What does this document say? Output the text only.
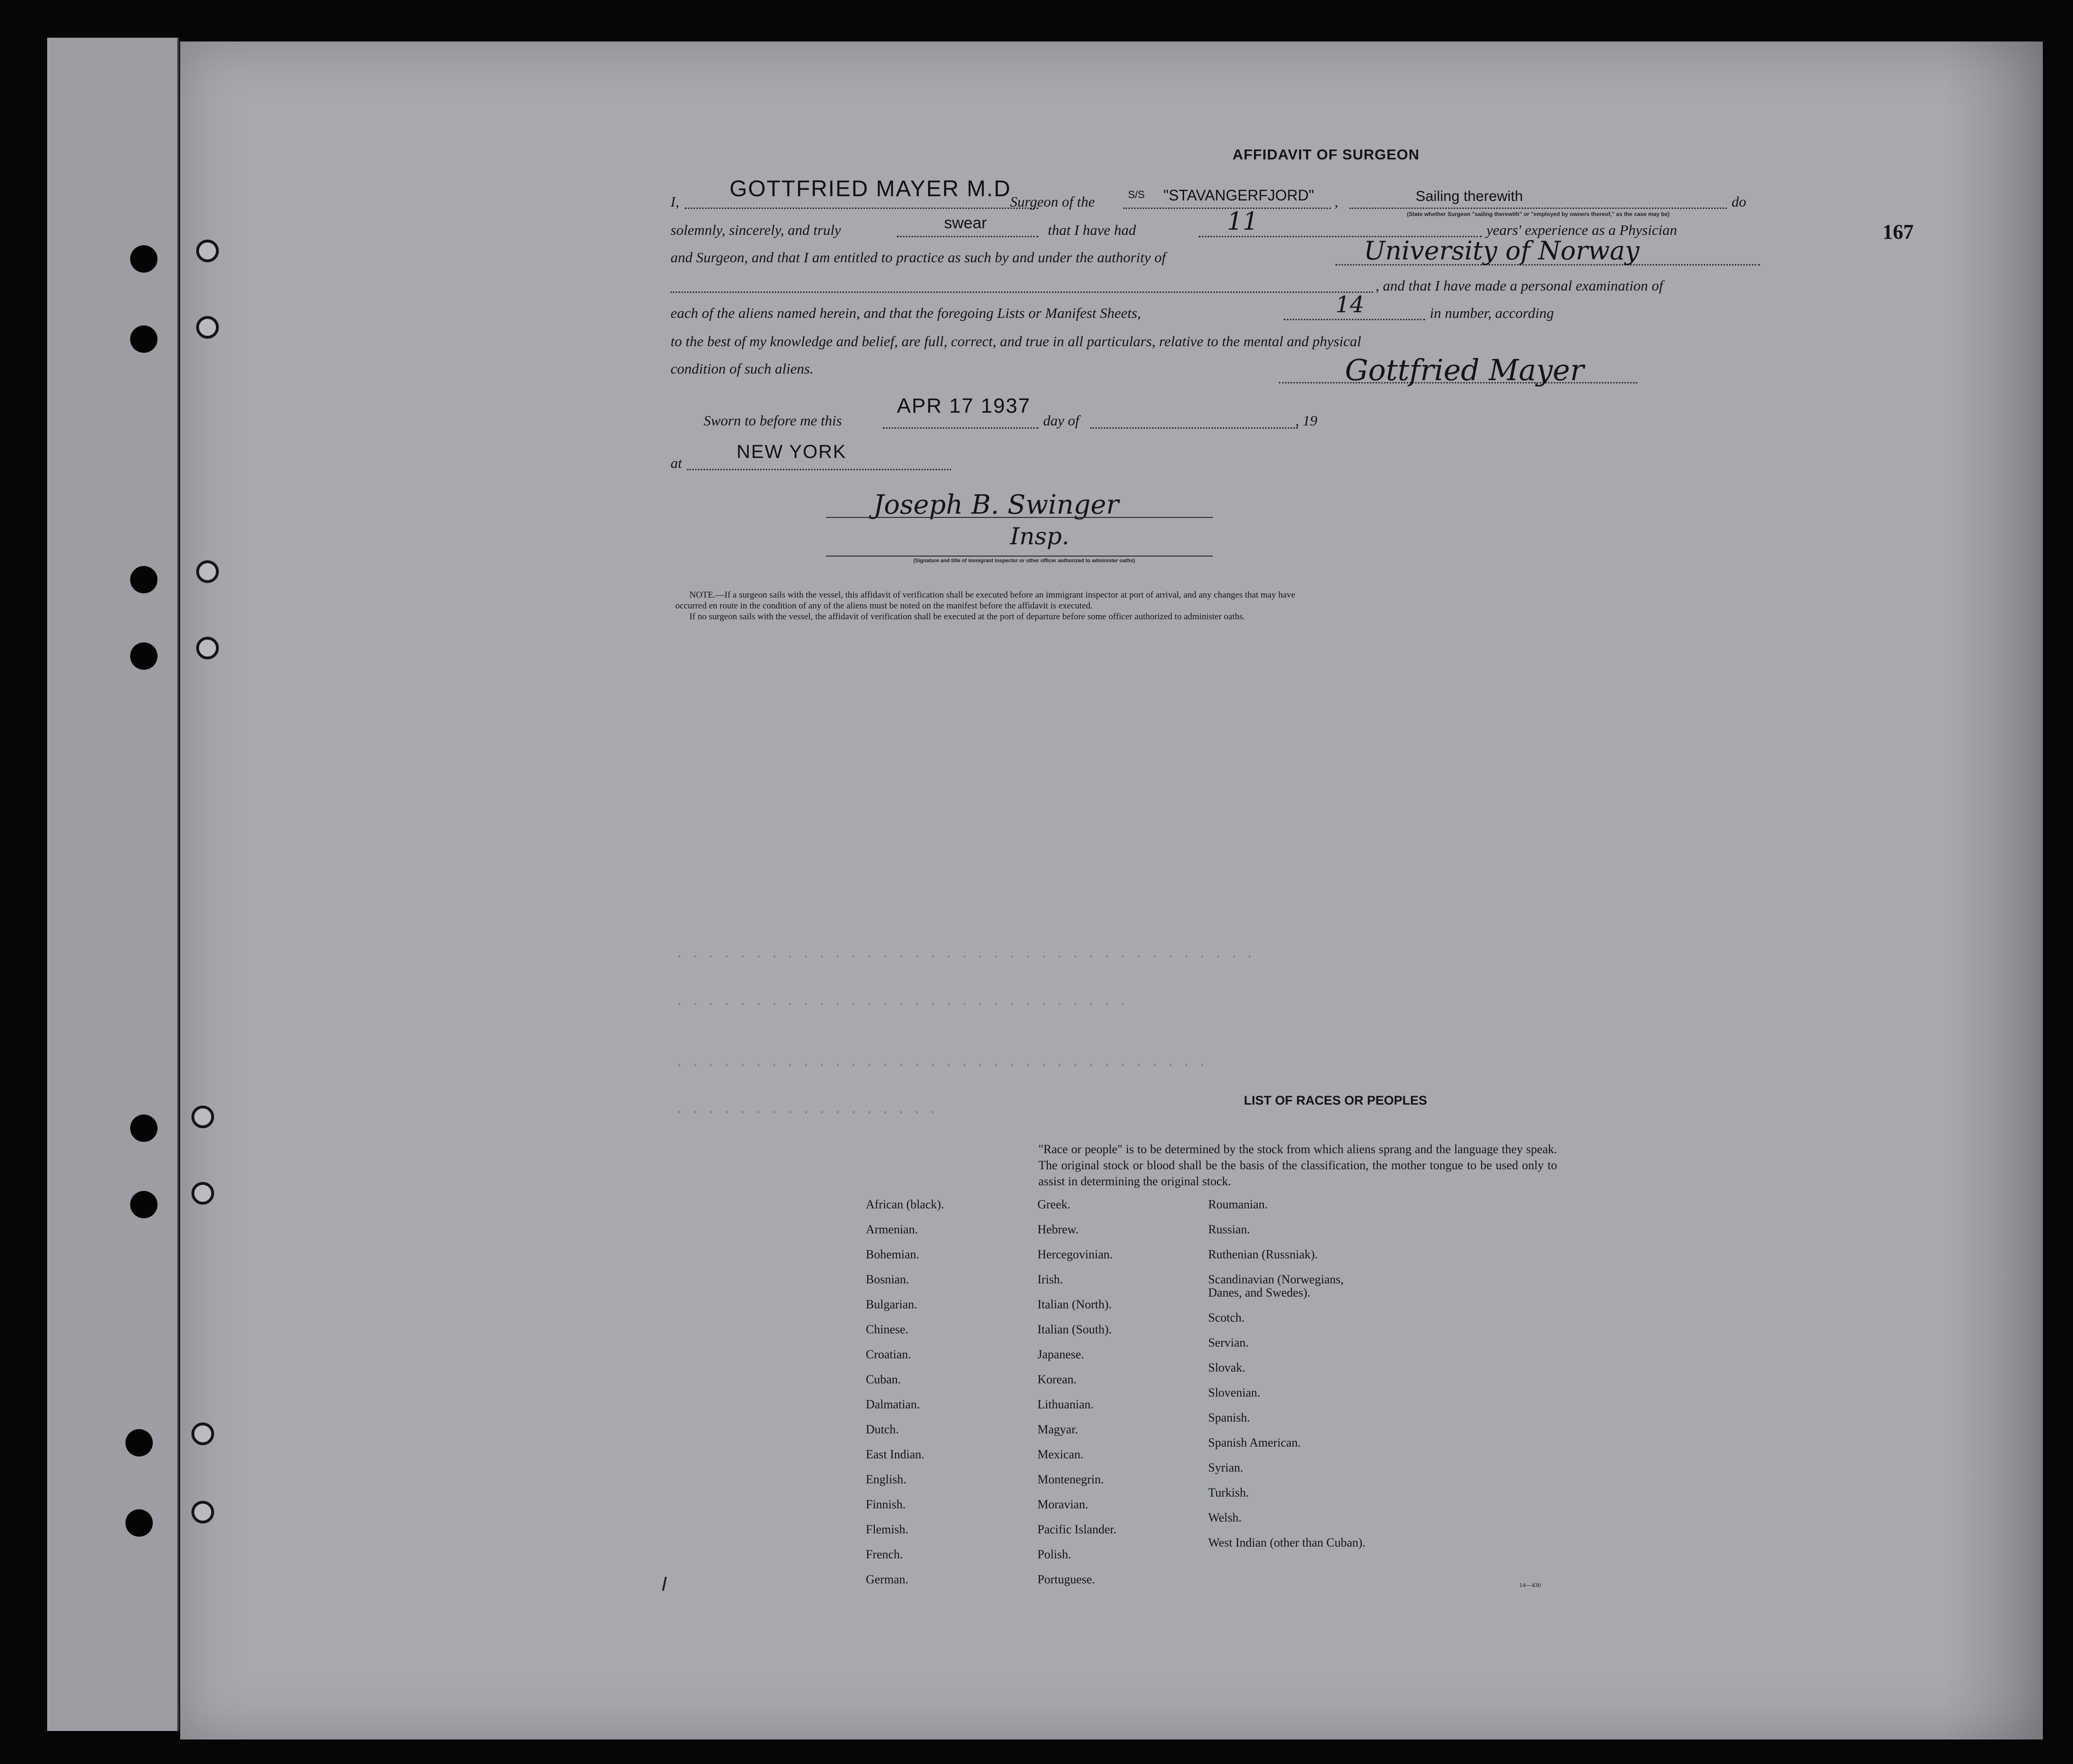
. . . . . . . . . . . . . . . . . . . . . . . . . . . . . . . . . . . . .
. . . . . . . . . . . . . . . . . . . . . . . . . . . . .
. . . . . . . . . . . . . . . . . . . . . . . . . . . . . . . . . .
. . . . . . . . . . . . . . . . .
AFFIDAVIT OF SURGEON
167
I,
GOTTFRIED MAYER M.D
Surgeon of the	S/S "STAVANGERFJORD" ,	Sailing therewith
(State whether Surgeon "sailing therewith" or "employed by owners thereof," as the case may be)
do
solemnly, sincerely, and truly	swear	that I have had	11	years' experience as a Physician
and Surgeon, and that I am entitled to practice as such by and under the authority of	University of Norway
, and that I have made a personal examination of
each of the aliens named herein, and that the foregoing Lists or Manifest Sheets,	14	in number, according
to the best of my knowledge and belief, are full, correct, and true in all particulars, relative to the mental and physical
condition of such aliens.	Gottfried Mayer
Sworn to before me this
APR 17 1937
day of	, 19
at
NEW YORK
Joseph B. Swinger
Insp.
(Signature and title of immigrant inspector or other officer authorized to administer oaths)
NOTE.—If a surgeon sails with the vessel, this affidavit of verification shall be executed before an immigrant inspector at port of arrival, and any changes that may have
occurred en route in the condition of any of the aliens must be noted on the manifest before the affidavit is executed.
If no surgeon sails with the vessel, the affidavit of verification shall be executed at the port of departure before some officer authorized to administer oaths.
LIST OF RACES OR PEOPLES
"Race or people" is to be determined by the stock from which aliens sprang and the language they speak. The original stock or blood shall be the basis of the classification, the mother tongue to be used only to assist in determining the original stock.
African (black).
Armenian.
Bohemian.
Bosnian.
Bulgarian.
Chinese.
Croatian.
Cuban.
Dalmatian.
Dutch.
East Indian.
English.
Finnish.
Flemish.
French.
German.
Greek.
Hebrew.
Hercegovinian.
Irish.
Italian (North).
Italian (South).
Japanese.
Korean.
Lithuanian.
Magyar.
Mexican.
Montenegrin.
Moravian.
Pacific Islander.
Polish.
Portuguese.
Roumanian.
Russian.
Ruthenian (Russniak).
Scandinavian (Norwegians, Danes, and Swedes).
Scotch.
Servian.
Slovak.
Slovenian.
Spanish.
Spanish American.
Syrian.
Turkish.
Welsh.
West Indian (other than Cuban).
14—430
